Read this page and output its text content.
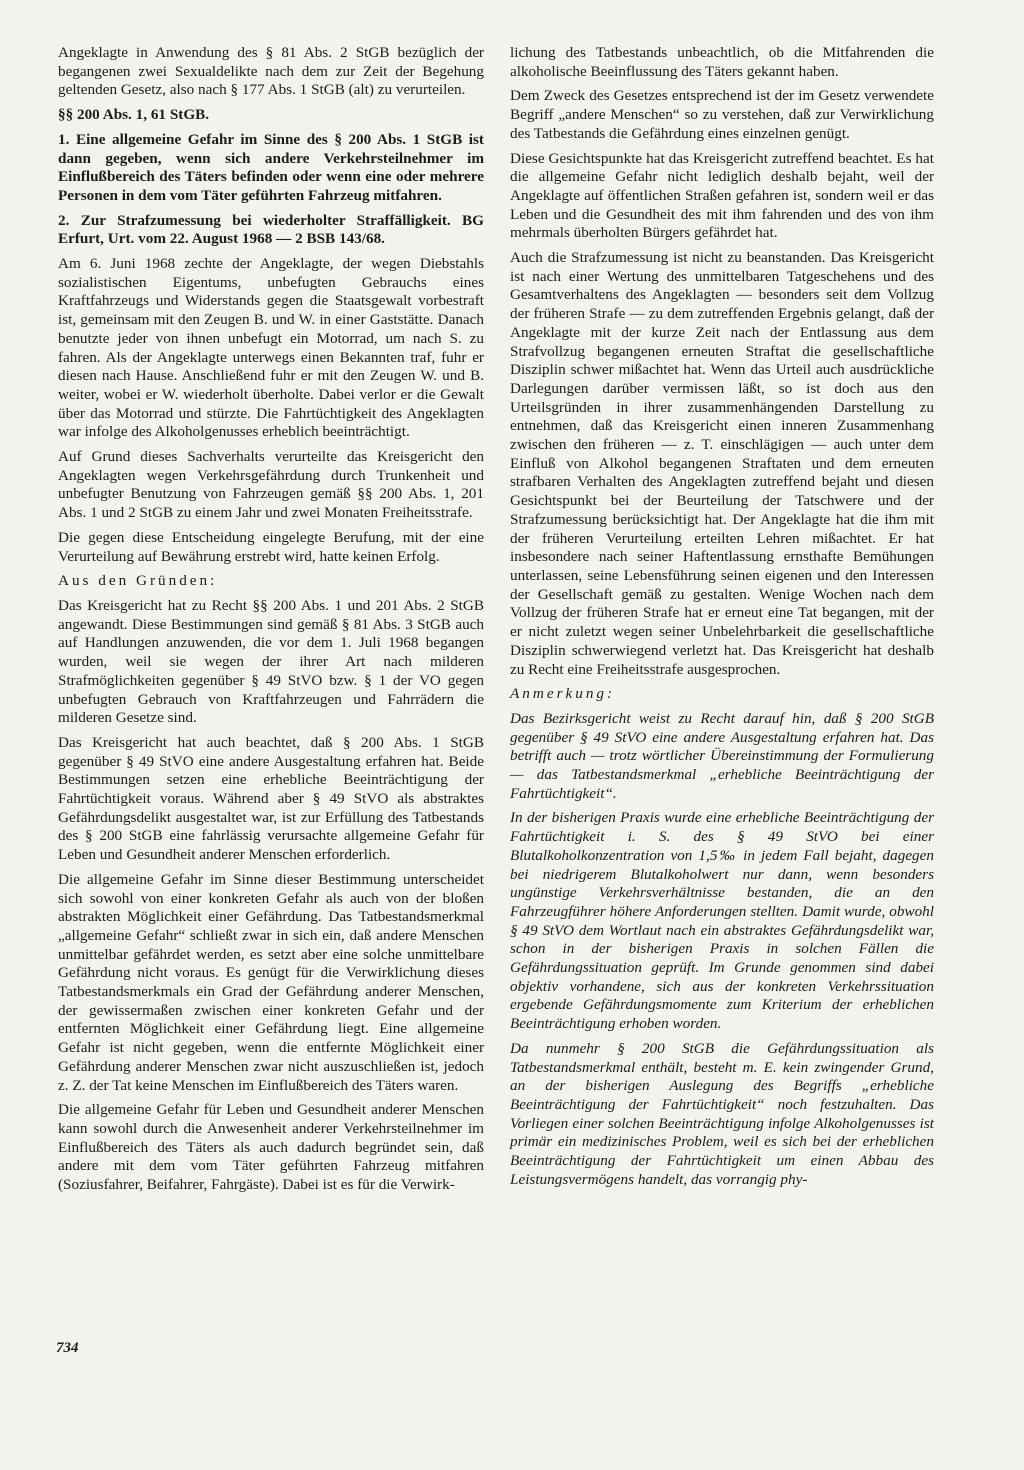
Angeklagte in Anwendung des § 81 Abs. 2 StGB bezüglich der begangenen zwei Sexualdelikte nach dem zur Zeit der Begehung geltenden Gesetz, also nach § 177 Abs. 1 StGB (alt) zu verurteilen.

§§ 200 Abs. 1, 61 StGB.

1. Eine allgemeine Gefahr im Sinne des § 200 Abs. 1 StGB ist dann gegeben, wenn sich andere Verkehrsteilnehmer im Einflußbereich des Täters befinden oder wenn eine oder mehrere Personen in dem vom Täter geführten Fahrzeug mitfahren.

2. Zur Strafzumessung bei wiederholter Straffälligkeit. BG Erfurt, Urt. vom 22. August 1968 — 2 BSB 143/68.

Am 6. Juni 1968 zechte der Angeklagte, der wegen Diebstahls sozialistischen Eigentums, unbefugten Gebrauchs eines Kraftfahrzeugs und Widerstands gegen die Staatsgewalt vorbestraft ist, gemeinsam mit den Zeugen B. und W. in einer Gaststätte. Danach benutzte jeder von ihnen unbefugt ein Motorrad, um nach S. zu fahren. Als der Angeklagte unterwegs einen Bekannten traf, fuhr er diesen nach Hause. Anschließend fuhr er mit den Zeugen W. und B. weiter, wobei er W. wiederholt überholte. Dabei verlor er die Gewalt über das Motorrad und stürzte. Die Fahrtüchtigkeit des Angeklagten war infolge des Alkoholgenusses erheblich beeinträchtigt.

Auf Grund dieses Sachverhalts verurteilte das Kreisgericht den Angeklagten wegen Verkehrsgefährdung durch Trunkenheit und unbefugter Benutzung von Fahrzeugen gemäß §§ 200 Abs. 1, 201 Abs. 1 und 2 StGB zu einem Jahr und zwei Monaten Freiheitsstrafe.

Die gegen diese Entscheidung eingelegte Berufung, mit der eine Verurteilung auf Bewährung erstrebt wird, hatte keinen Erfolg.

Aus den Gründen:

Das Kreisgericht hat zu Recht §§ 200 Abs. 1 und 201 Abs. 2 StGB angewandt. Diese Bestimmungen sind gemäß § 81 Abs. 3 StGB auch auf Handlungen anzuwenden, die vor dem 1. Juli 1968 begangen wurden, weil sie wegen der ihrer Art nach milderen Strafmöglichkeiten gegenüber § 49 StVO bzw. § 1 der VO gegen unbefugten Gebrauch von Kraftfahrzeugen und Fahrrädern die milderen Gesetze sind.

Das Kreisgericht hat auch beachtet, daß § 200 Abs. 1 StGB gegenüber § 49 StVO eine andere Ausgestaltung erfahren hat. Beide Bestimmungen setzen eine erhebliche Beeinträchtigung der Fahrtüchtigkeit voraus. Während aber § 49 StVO als abstraktes Gefährdungsdelikt ausgestaltet war, ist zur Erfüllung des Tatbestands des § 200 StGB eine fahrlässig verursachte allgemeine Gefahr für Leben und Gesundheit anderer Menschen erforderlich.

Die allgemeine Gefahr im Sinne dieser Bestimmung unterscheidet sich sowohl von einer konkreten Gefahr als auch von der bloßen abstrakten Möglichkeit einer Gefährdung. Das Tatbestandsmerkmal „allgemeine Gefahr“ schließt zwar in sich ein, daß andere Menschen unmittelbar gefährdet werden, es setzt aber eine solche unmittelbare Gefährdung nicht voraus. Es genügt für die Verwirklichung dieses Tatbestandsmerkmals ein Grad der Gefährdung anderer Menschen, der gewissermaßen zwischen einer konkreten Gefahr und der entfernten Möglichkeit einer Gefährdung liegt. Eine allgemeine Gefahr ist nicht gegeben, wenn die entfernte Möglichkeit einer Gefährdung anderer Menschen zwar nicht auszuschließen ist, jedoch z. Z. der Tat keine Menschen im Einflußbereich des Täters waren.

Die allgemeine Gefahr für Leben und Gesundheit anderer Menschen kann sowohl durch die Anwesenheit anderer Verkehrsteilnehmer im Einflußbereich des Täters als auch dadurch begründet sein, daß andere mit dem vom Täter geführten Fahrzeug mitfahren (Soziusfahrer, Beifahrer, Fahrgäste). Dabei ist es für die Verwirk-

lichung des Tatbestands unbeachtlich, ob die Mitfahrenden die alkoholische Beeinflussung des Täters gekannt haben.

Dem Zweck des Gesetzes entsprechend ist der im Gesetz verwendete Begriff „andere Menschen“ so zu verstehen, daß zur Verwirklichung des Tatbestands die Gefährdung eines einzelnen genügt.

Diese Gesichtspunkte hat das Kreisgericht zutreffend beachtet. Es hat die allgemeine Gefahr nicht lediglich deshalb bejaht, weil der Angeklagte auf öffentlichen Straßen gefahren ist, sondern weil er das Leben und die Gesundheit des mit ihm fahrenden und des von ihm mehrmals überholten Bürgers gefährdet hat.

Auch die Strafzumessung ist nicht zu beanstanden. Das Kreisgericht ist nach einer Wertung des unmittelbaren Tatgeschehens und des Gesamtverhaltens des Angeklagten — besonders seit dem Vollzug der früheren Strafe — zu dem zutreffenden Ergebnis gelangt, daß der Angeklagte mit der kurze Zeit nach der Entlassung aus dem Strafvollzug begangenen erneuten Straftat die gesellschaftliche Disziplin schwer mißachtet hat. Wenn das Urteil auch ausdrückliche Darlegungen darüber vermissen läßt, so ist doch aus den Urteilsgründen in ihrer zusammenhängenden Darstellung zu entnehmen, daß das Kreisgericht einen inneren Zusammenhang zwischen den früheren — z. T. einschlägigen — auch unter dem Einfluß von Alkohol begangenen Straftaten und dem erneuten strafbaren Verhalten des Angeklagten zutreffend bejaht und diesen Gesichtspunkt bei der Beurteilung der Tatschwere und der Strafzumessung berücksichtigt hat. Der Angeklagte hat die ihm mit der früheren Verurteilung erteilten Lehren mißachtet. Er hat insbesondere nach seiner Haftentlassung ernsthafte Bemühungen unterlassen, seine Lebensführung seinen eigenen und den Interessen der Gesellschaft gemäß zu gestalten. Wenige Wochen nach dem Vollzug der früheren Strafe hat er erneut eine Tat begangen, mit der er nicht zuletzt wegen seiner Unbelehrbarkeit die gesellschaftliche Disziplin schwerwiegend verletzt hat. Das Kreisgericht hat deshalb zu Recht eine Freiheitsstrafe ausgesprochen.

Anmerkung:

Das Bezirksgericht weist zu Recht darauf hin, daß § 200 StGB gegenüber § 49 StVO eine andere Ausgestaltung erfahren hat. Das betrifft auch — trotz wörtlicher Übereinstimmung der Formulierung — das Tatbestandsmerkmal „erhebliche Beeinträchtigung der Fahrtüchtigkeit“.

In der bisherigen Praxis wurde eine erhebliche Beeinträchtigung der Fahrtüchtigkeit i. S. des § 49 StVO bei einer Blutalkoholkonzentration von 1,5‰ in jedem Fall bejaht, dagegen bei niedrigerem Blutalkoholwert nur dann, wenn besonders ungünstige Verkehrsverhältnisse bestanden, die an den Fahrzeugführer höhere Anforderungen stellten. Damit wurde, obwohl § 49 StVO dem Wortlaut nach ein abstraktes Gefährdungsdelikt war, schon in der bisherigen Praxis in solchen Fällen die Gefährdungssituation geprüft. Im Grunde genommen sind dabei objektiv vorhandene, sich aus der konkreten Verkehrssituation ergebende Gefährdungsmomente zum Kriterium der erheblichen Beeinträchtigung erhoben worden.

Da nunmehr § 200 StGB die Gefährdungssituation als Tatbestandsmerkmal enthält, besteht m. E. kein zwingender Grund, an der bisherigen Auslegung des Begriffs „erhebliche Beeinträchtigung der Fahrtüchtigkeit“ noch festzuhalten. Das Vorliegen einer solchen Beeinträchtigung infolge Alkoholgenusses ist primär ein medizinisches Problem, weil es sich bei der erheblichen Beeinträchtigung der Fahrtüchtigkeit um einen Abbau des Leistungsvermögens handelt, das vorrangig phy-

734
